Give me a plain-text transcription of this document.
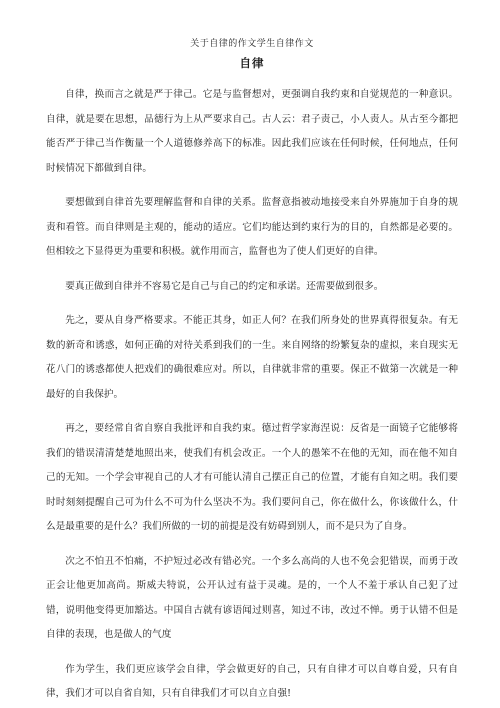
关于自律的作文学生自律作文
自律

自律，换而言之就是严于律己。它是与监督想对，更强调自我约束和自觉规范的一种意识。自律，就是要在思想，品德行为上从严要求自己。古人云：君子责己，小人责人。从古至今都把能否严于律己当作衡量一个人道德修养高下的标准。因此我们应该在任何时候，任何地点，任何时候情况下都做到自律。

要想做到自律首先要理解监督和自律的关系。监督意指被动地接受来自外界施加于自身的规责和看管。而自律则是主观的，能动的适应。它们均能达到约束行为的目的，自然都是必要的。但相较之下显得更为重要和积极。就作用而言，监督也为了使人们更好的自律。

要真正做到自律并不容易它是自己与自己的约定和承诺。还需要做到很多。

先之，要从自身严格要求。不能正其身，如正人何？在我们所身处的世界真得很复杂。有无数的新奇和诱惑，如何正确的对待关系到我们的一生。来自网络的纷繁复杂的虚拟，来自现实无花八门的诱惑都使人把戏们的确很难应对。所以，自律就非常的重要。保正不做第一次就是一种最好的自我保护。

再之，要经常自省自察自我批评和自我约束。德过哲学家海涅说：反省是一面镜子它能够将我们的错误清清楚楚地照出来，使我们有机会改正。一个人的愚笨不在他的无知，而在他不知自己的无知。一个学会审视自己的人才有可能认清自己摆正自己的位置，才能有自知之明。我们要时时刻刻提醒自己可为什么不可为什么坚决不为。我们要问自己，你在做什么，你该做什么，什么是最重要的是什么？我们所做的一切的前提是没有妨碍到别人，而不是只为了自身。

次之不怕丑不怕痛，不护短过必改有错必究。一个多么高尚的人也不免会犯错误，而勇于改正会让他更加高尚。斯威夫特说，公开认过有益于灵魂。是的，一个人不羞于承认自己犯了过错，说明他变得更加豁达。中国自古就有谚语闻过则喜，知过不讳，改过不惮。勇于认错不但是自律的表现，也是做人的气度

作为学生，我们更应该学会自律，学会做更好的自己，只有自律才可以自尊自爱，只有自律，我们才可以自省自知，只有自律我们才可以自立自强!
